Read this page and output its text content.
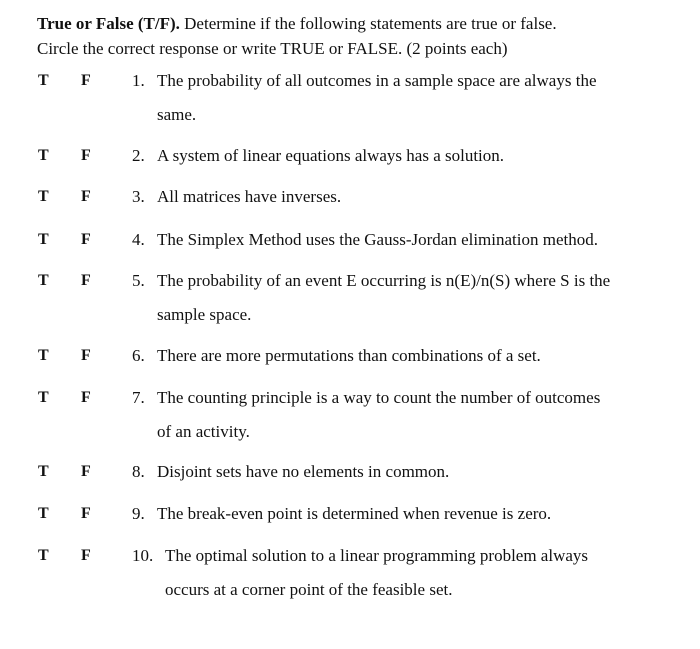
True or False (T/F). Determine if the following statements are true or false.
Circle the correct response or write TRUE or FALSE. (2 points each)
T F 1. The probability of all outcomes in a sample space are always the
same.
T F 2. A system of linear equations always has a solution.
T F 3. All matrices have inverses.
T F 4. The Simplex Method uses the Gauss-Jordan elimination method.
T F 5. The probability of an event E occurring is n(E)/n(S) where S is the
sample space.
T F 6. There are more permutations than combinations of a set.
T F 7. The counting principle is a way to count the number of outcomes
of an activity.
T F 8. Disjoint sets have no elements in common.
T F 9. The break-even point is determined when revenue is zero.
T F 10. The optimal solution to a linear programming problem always
occurs at a corner point of the feasible set.
